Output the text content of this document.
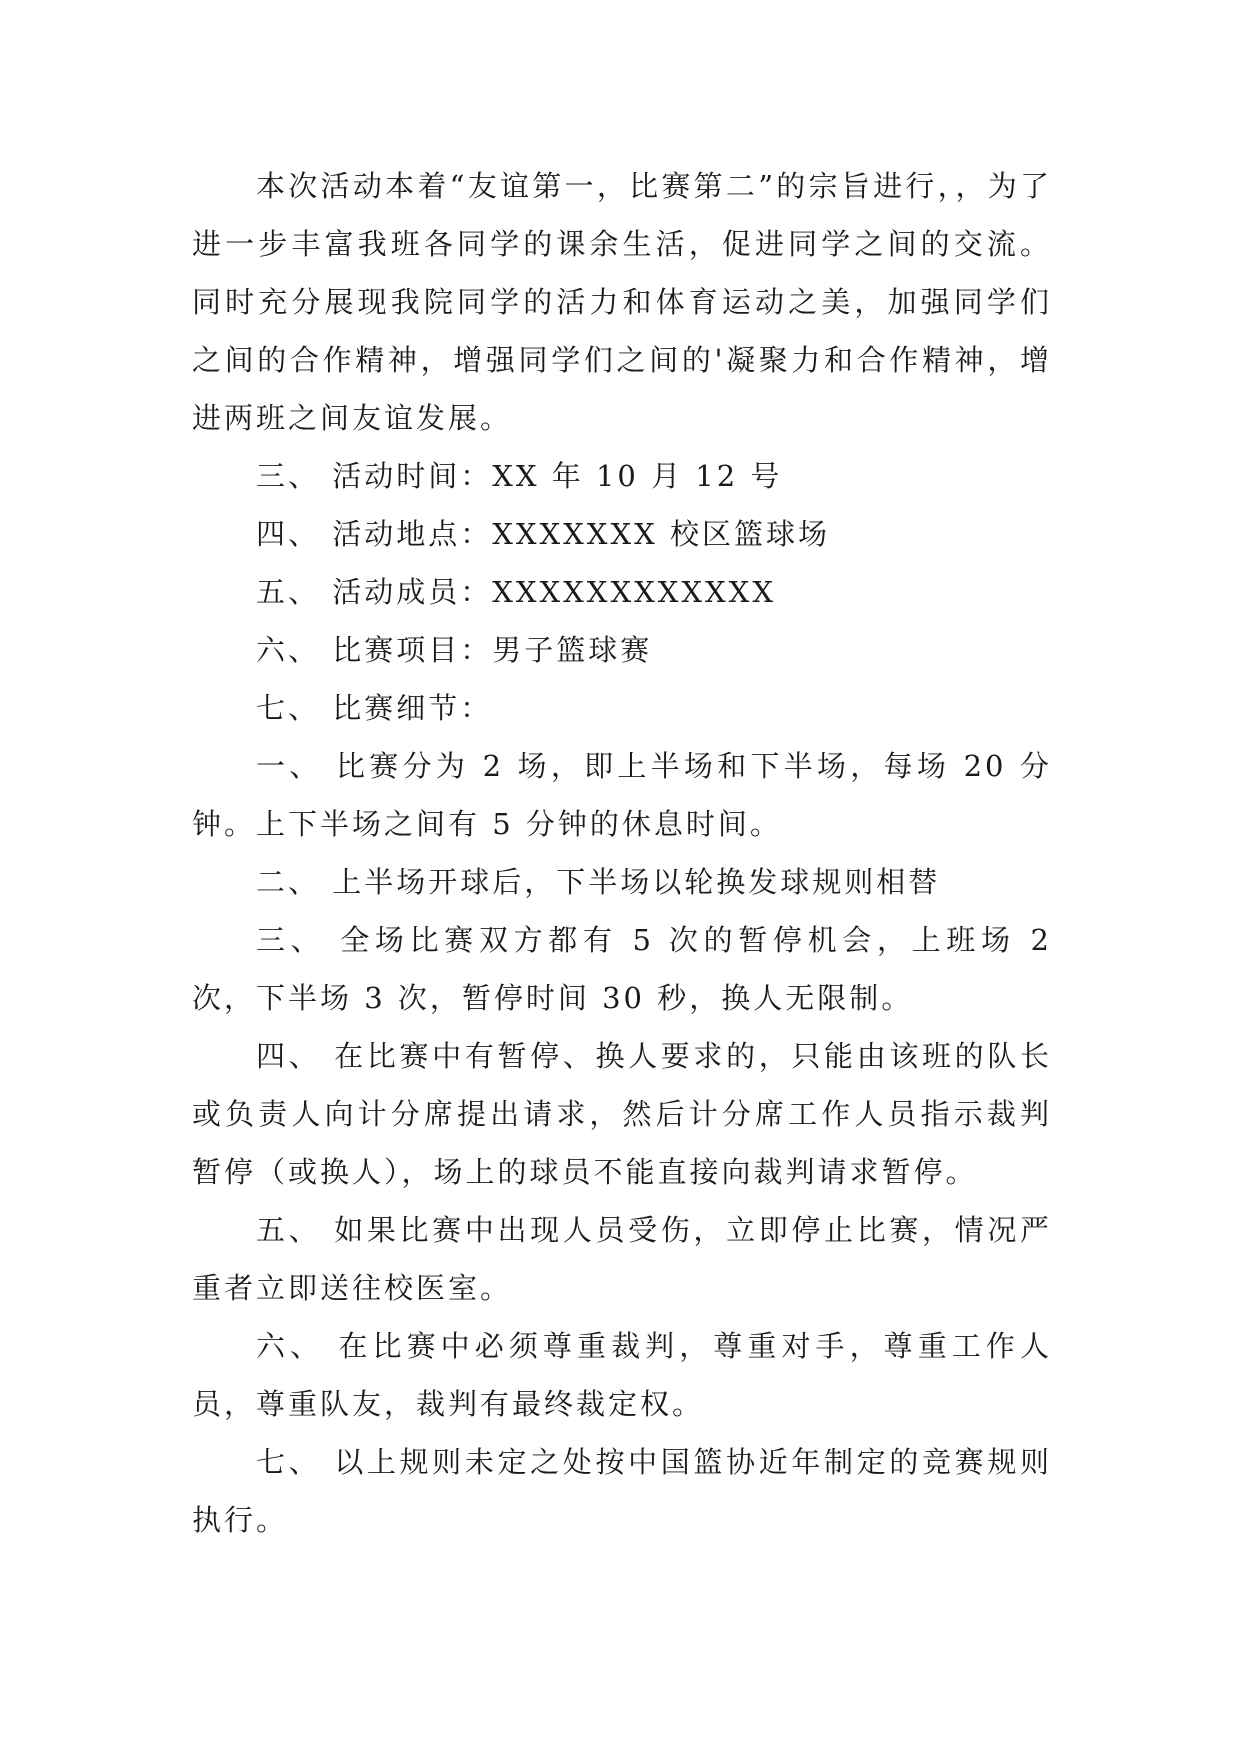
本次活动本着“友谊第一，比赛第二”的宗旨进行，，为了进一步丰富我班各同学的课余生活，促进同学之间的交流。同时充分展现我院同学的活力和体育运动之美，加强同学们之间的合作精神，增强同学们之间的'凝聚力和合作精神，增进两班之间友谊发展。

三、 活动时间：XX 年 10 月 12 号

四、 活动地点：XXXXXXX 校区篮球场

五、 活动成员：XXXXXXXXXXXX

六、 比赛项目：男子篮球赛

七、 比赛细节：

一、 比赛分为 2 场，即上半场和下半场，每场 20 分钟。上下半场之间有 5 分钟的休息时间。

二、 上半场开球后，下半场以轮换发球规则相替

三、 全场比赛双方都有 5 次的暂停机会，上班场 2 次，下半场 3 次，暂停时间 30 秒，换人无限制。

四、 在比赛中有暂停、换人要求的，只能由该班的队长或负责人向计分席提出请求，然后计分席工作人员指示裁判暂停（或换人），场上的球员不能直接向裁判请求暂停。

五、 如果比赛中出现人员受伤，立即停止比赛，情况严重者立即送往校医室。

六、 在比赛中必须尊重裁判，尊重对手，尊重工作人员，尊重队友，裁判有最终裁定权。

七、 以上规则未定之处按中国篮协近年制定的竞赛规则执行。
